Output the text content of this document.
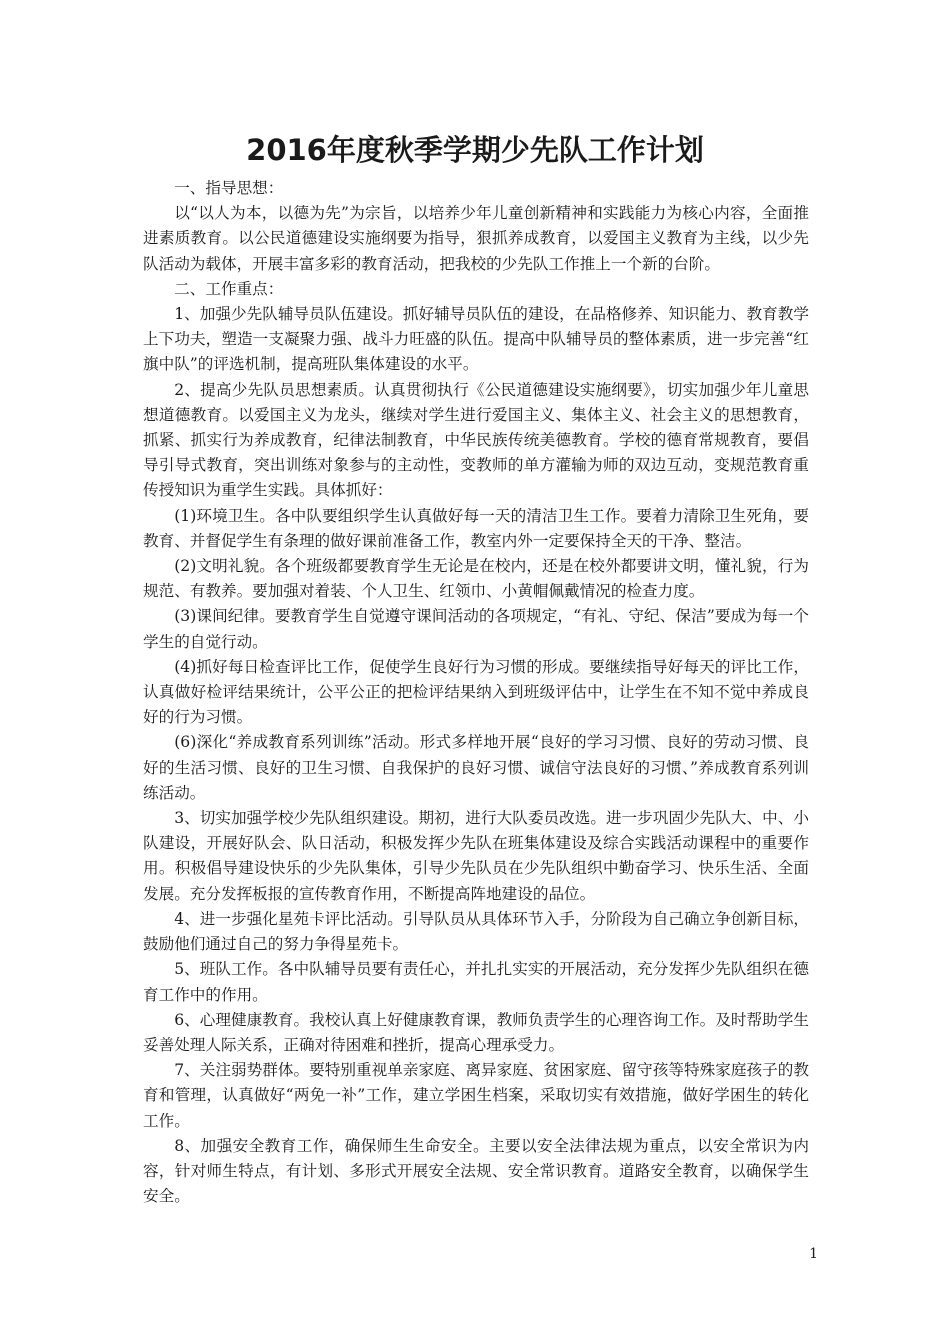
2016年度秋季学期少先队工作计划

一、指导思想：

以“以人为本，以德为先”为宗旨，以培养少年儿童创新精神和实践能力为核心内容，全面推进素质教育。以公民道德建设实施纲要为指导，狠抓养成教育，以爱国主义教育为主线，以少先队活动为载体，开展丰富多彩的教育活动，把我校的少先队工作推上一个新的台阶。

二、工作重点：

1、加强少先队辅导员队伍建设。抓好辅导员队伍的建设，在品格修养、知识能力、教育教学上下功夫，塑造一支凝聚力强、战斗力旺盛的队伍。提高中队辅导员的整体素质，进一步完善“红旗中队”的评选机制，提高班队集体建设的水平。

2、提高少先队员思想素质。认真贯彻执行《公民道德建设实施纲要》，切实加强少年儿童思想道德教育。以爱国主义为龙头，继续对学生进行爱国主义、集体主义、社会主义的思想教育，抓紧、抓实行为养成教育，纪律法制教育，中华民族传统美德教育。学校的德育常规教育，要倡导引导式教育，突出训练对象参与的主动性，变教师的单方灌输为师的双边互动，变规范教育重传授知识为重学生实践。具体抓好：

(1)环境卫生。各中队要组织学生认真做好每一天的清洁卫生工作。要着力清除卫生死角，要教育、并督促学生有条理的做好课前准备工作，教室内外一定要保持全天的干净、整洁。

(2)文明礼貌。各个班级都要教育学生无论是在校内，还是在校外都要讲文明，懂礼貌，行为规范、有教养。要加强对着装、个人卫生、红领巾、小黄帽佩戴情况的检查力度。

(3)课间纪律。要教育学生自觉遵守课间活动的各项规定，“有礼、守纪、保洁”要成为每一个学生的自觉行动。

(4)抓好每日检查评比工作，促使学生良好行为习惯的形成。要继续指导好每天的评比工作，认真做好检评结果统计，公平公正的把检评结果纳入到班级评估中，让学生在不知不觉中养成良好的行为习惯。

(6)深化“养成教育系列训练”活动。形式多样地开展“良好的学习习惯、良好的劳动习惯、良好的生活习惯、良好的卫生习惯、自我保护的良好习惯、诚信守法良好的习惯、”养成教育系列训练活动。

3、切实加强学校少先队组织建设。期初，进行大队委员改选。进一步巩固少先队大、中、小队建设，开展好队会、队日活动，积极发挥少先队在班集体建设及综合实践活动课程中的重要作用。积极倡导建设快乐的少先队集体，引导少先队员在少先队组织中勤奋学习、快乐生活、全面发展。充分发挥板报的宣传教育作用，不断提高阵地建设的品位。

4、进一步强化星苑卡评比活动。引导队员从具体环节入手，分阶段为自己确立争创新目标，鼓励他们通过自己的努力争得星苑卡。

5、班队工作。各中队辅导员要有责任心，并扎扎实实的开展活动，充分发挥少先队组织在德育工作中的作用。

6、心理健康教育。我校认真上好健康教育课，教师负责学生的心理咨询工作。及时帮助学生妥善处理人际关系，正确对待困难和挫折，提高心理承受力。

7、关注弱势群体。要特别重视单亲家庭、离异家庭、贫困家庭、留守孩等特殊家庭孩子的教育和管理，认真做好“两免一补”工作，建立学困生档案，采取切实有效措施，做好学困生的转化工作。

8、加强安全教育工作，确保师生生命安全。主要以安全法律法规为重点，以安全常识为内容，针对师生特点，有计划、多形式开展安全法规、安全常识教育。道路安全教育，以确保学生安全。

1
